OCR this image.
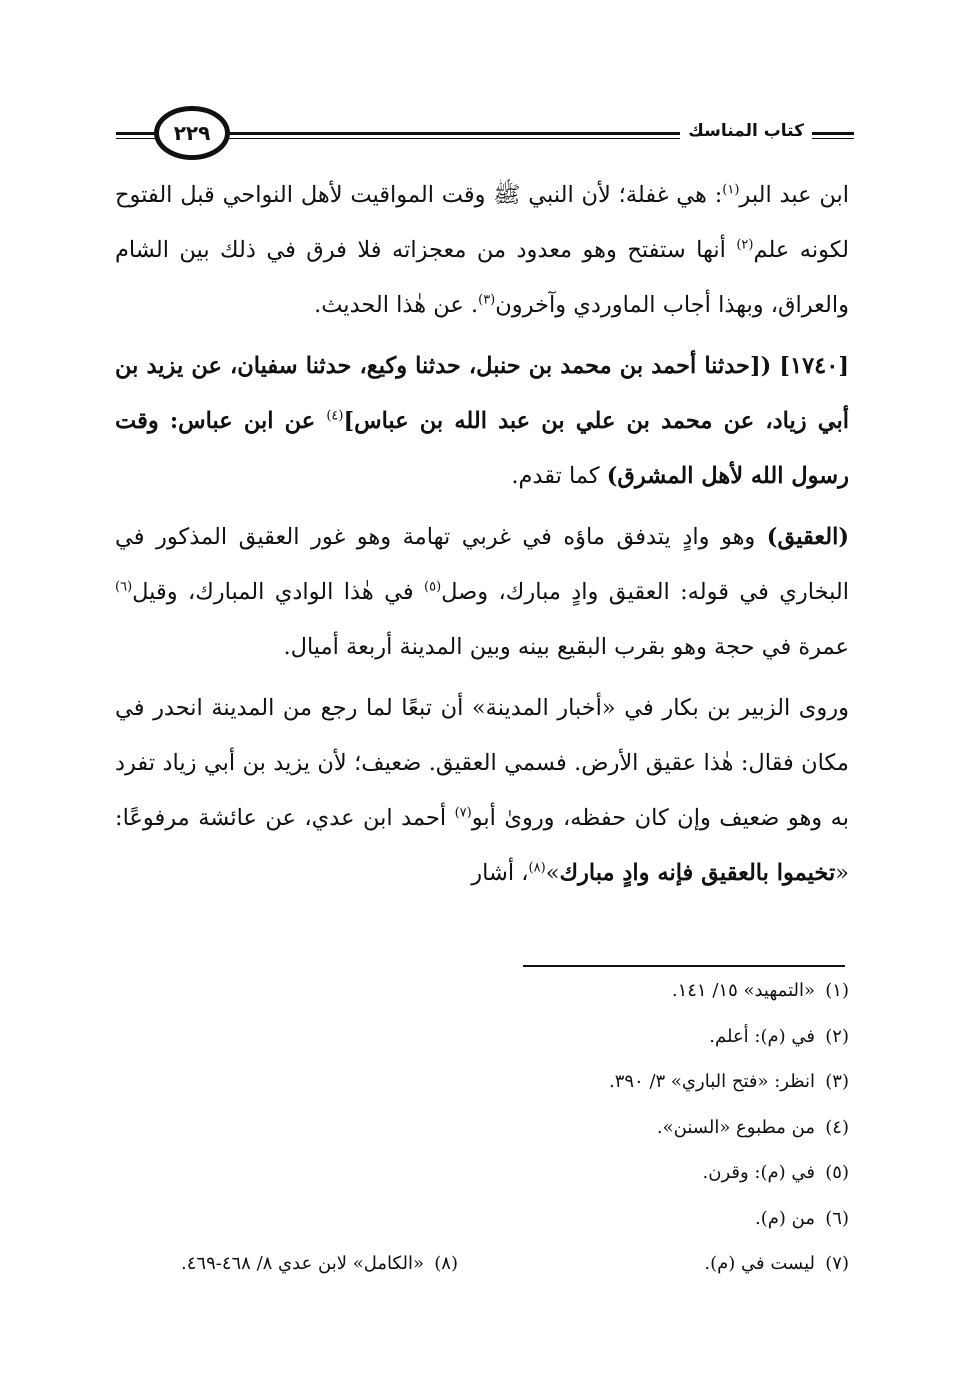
كتاب المناسك
٢٢٩

ابن عبد البر$^{(١)}$: هي غفلة؛ لأن النبي ﷺ وقت المواقيت لأهل النواحي قبل الفتوح لكونه علم$^{(٢)}$ أنها ستفتح وهو معدود من معجزاته فلا فرق في ذلك بين الشام والعراق، وبهذا أجاب الماوردي وآخرون$^{(٣)}$. عن هٰذا الحديث.

[١٧٤٠] ([حدثنا أحمد بن محمد بن حنبل، حدثنا وكيع، حدثنا سفيان، عن يزيد بن أبي زياد، عن محمد بن علي بن عبد الله بن عباس]$^{(٤)}$ عن ابن عباس: وقت رسول الله لأهل المشرق) كما تقدم.

(العقيق) وهو وادٍ يتدفق ماؤه في غربي تهامة وهو غور العقيق المذكور في البخاري في قوله: العقيق وادٍ مبارك، وصل$^{(٥)}$ في هٰذا الوادي المبارك، وقيل$^{(٦)}$ عمرة في حجة وهو بقرب البقيع بينه وبين المدينة أربعة أميال.

وروى الزبير بن بكار في «أخبار المدينة» أن تبعًا لما رجع من المدينة انحدر في مكان فقال: هٰذا عقيق الأرض. فسمي العقيق. ضعيف؛ لأن يزيد بن أبي زياد تفرد به وهو ضعيف وإن كان حفظه، وروىٰ أبو$^{(٧)}$ أحمد ابن عدي، عن عائشة مرفوعًا: «تخيموا بالعقيق فإنه وادٍ مبارك»$^{(٨)}$، أشار

(١)«التمهيد» ١٥/ ١٤١.
(٢)في (م): أعلم.
(٣)انظر: «فتح الباري» ٣/ ٣٩٠.
(٤)من مطبوع «السنن».
(٥)في (م): وقرن.
(٦)من (م).
(٧)ليست في (م).
(٨)«الكامل» لابن عدي ٨/ ٤٦٨-٤٦٩.
